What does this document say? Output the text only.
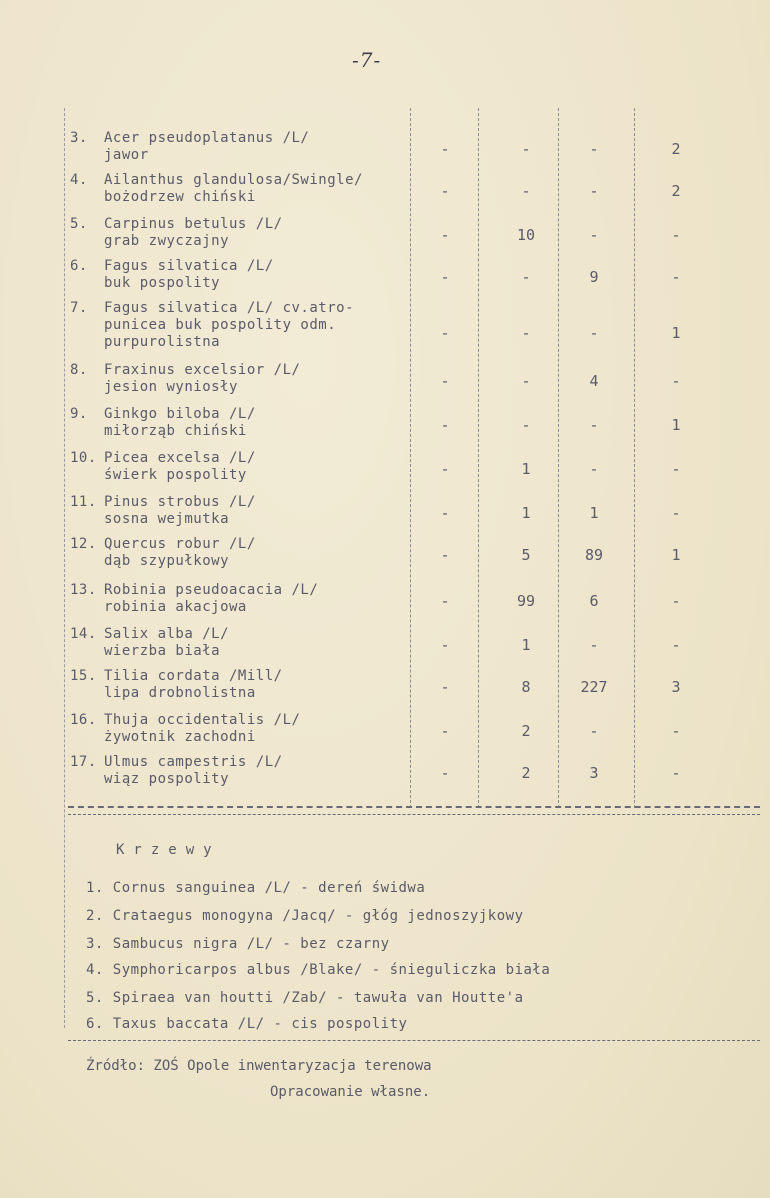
-7-
3. Acer pseudoplatanus /L/
jawor	-	-	-	2
4. Ailanthus glandulosa/Swingle/
bożodrzew chiński	-	-	-	2
5. Carpinus betulus /L/
grab zwyczajny	-	10	-	-
6. Fagus silvatica /L/
buk pospolity	-	-	9	-
7. Fagus silvatica /L/ cv.atro-
punicea buk pospolity odm.
purpurolistna	-	-	-	1
8. Fraxinus excelsior /L/
jesion wyniosły	-	-	4	-
9. Ginkgo biloba /L/
miłorząb chiński	-	-	-	1
10. Picea excelsa /L/
świerk pospolity	-	1	-	-
11. Pinus strobus /L/
sosna wejmutka	-	1	1	-
12. Quercus robur /L/
dąb szypułkowy	-	5	89	1
13. Robinia pseudoacacia /L/
robinia akacjowa	-	99	6	-
14. Salix alba /L/
wierzba biała	-	1	-	-
15. Tilia cordata /Mill/
lipa drobnolistna	-	8	227	3
16. Thuja occidentalis /L/
żywotnik zachodni	-	2	-	-
17. Ulmus campestris /L/
wiąz pospolity	-	2	3	-
Krzewy
1. Cornus sanguinea /L/ - dereń świdwa
2. Crataegus monogyna /Jacq/ - głóg jednoszyjkowy
3. Sambucus nigra /L/ - bez czarny
4. Symphoricarpos albus /Blake/ - śnieguliczka biała
5. Spiraea van houtti /Zab/ - tawuła van Houtte'a
6. Taxus baccata /L/ - cis pospolity
Źródło: ZOŚ Opole inwentaryzacja terenowa
Opracowanie własne.
